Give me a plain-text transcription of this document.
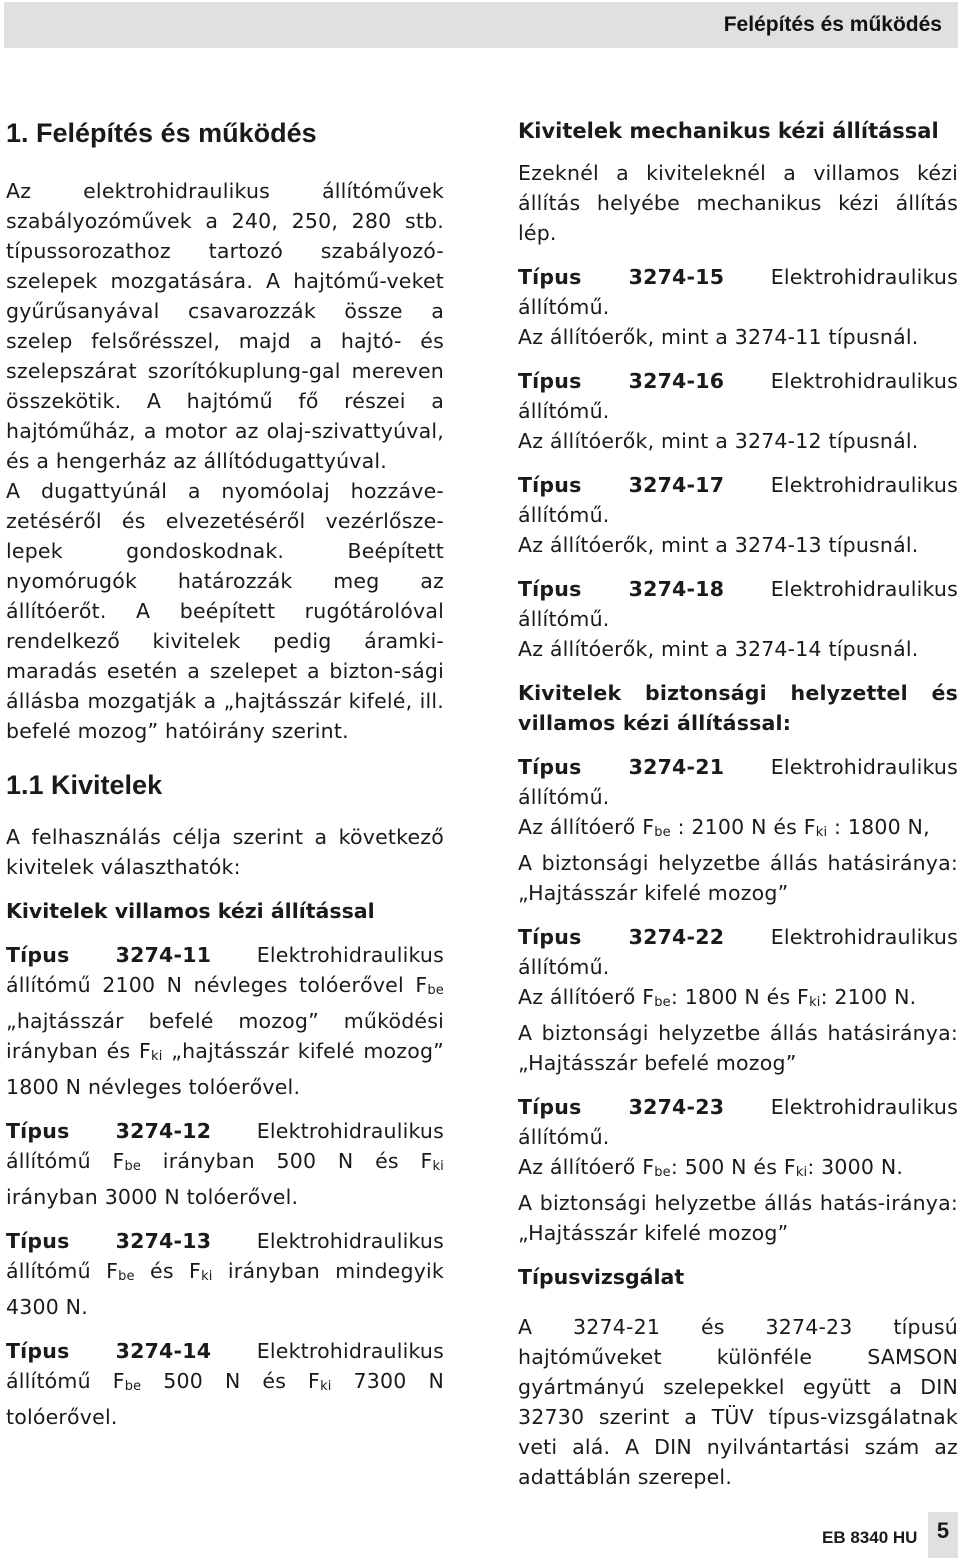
Felépítés és működés
1. Felépítés és működés
Az elektrohidraulikus állítóművek szabályozóművek a 240, 250, 280 stb. típussorozathoz tartozó szabályozó-szelepek mozgatására. A hajtómű-veket gyűrűsanyával csavarozzák össze a szelep felsőrésszel, majd a hajtó- és szelepszárat szorítókuplung-gal mereven összekötik. A hajtómű fő részei a hajtóműház, a motor az olaj-szivattyúval, és a hengerház az állítódugattyúval.
A dugattyúnál a nyomóolaj hozzáve-zetéséről és elvezetéséről vezérlősze-lepek gondoskodnak. Beépített nyomórugók határozzák meg az állítóerőt. A beépített rugótárolóval rendelkező kivitelek pedig áramki-maradás esetén a szelepet a bizton-sági állásba mozgatják a „hajtásszár kifelé, ill. befelé mozog” hatóirány szerint.
1.1 Kivitelek
A felhasználás célja szerint a következő kivitelek választhatók:
Kivitelek villamos kézi állítással
Típus 3274-11 Elektrohidraulikus állítómű 2100 N névleges tolóerővel Fbe „hajtásszár befelé mozog” működési irányban és Fki „hajtásszár kifelé mozog” 1800 N névleges tolóerővel.
Típus 3274-12 Elektrohidraulikus állítómű Fbe irányban 500 N és Fki irányban 3000 N tolóerővel.
Típus 3274-13 Elektrohidraulikus állítómű Fbe és Fki irányban mindegyik 4300 N.
Típus 3274-14 Elektrohidraulikus állítómű Fbe 500 N és Fki 7300 N tolóerővel.
Kivitelek mechanikus kézi állítással
Ezeknél a kiviteleknél a villamos kézi állítás helyébe mechanikus kézi állítás lép.
Típus 3274-15 Elektrohidraulikus állítómű.
Az állítóerők, mint a 3274-11 típusnál.
Típus 3274-16 Elektrohidraulikus állítómű.
Az állítóerők, mint a 3274-12 típusnál.
Típus 3274-17 Elektrohidraulikus állítómű.
Az állítóerők, mint a 3274-13 típusnál.
Típus 3274-18 Elektrohidraulikus állítómű.
Az állítóerők, mint a 3274-14 típusnál.
Kivitelek biztonsági helyzettel és villamos kézi állítással:
Típus 3274-21 Elektrohidraulikus állítómű.
Az állítóerő Fbe : 2100 N és Fki : 1800 N,
A biztonsági helyzetbe állás hatásiránya: „Hajtásszár kifelé mozog”
Típus 3274-22 Elektrohidraulikus állítómű.
Az állítóerő Fbe: 1800 N és Fki: 2100 N.
A biztonsági helyzetbe állás hatásiránya: „Hajtásszár befelé mozog”
Típus 3274-23 Elektrohidraulikus állítómű.
Az állítóerő Fbe: 500 N és Fki: 3000 N.
A biztonsági helyzetbe állás hatás-iránya: „Hajtásszár kifelé mozog”
Típusvizsgálat
A 3274-21 és 3274-23 típusú hajtóműveket különféle SAMSON gyártmányú szelepekkel együtt a DIN 32730 szerint a TÜV típus-vizsgálatnak veti alá. A DIN nyilvántartási szám az adattáblán szerepel.
EB 8340 HU 5
